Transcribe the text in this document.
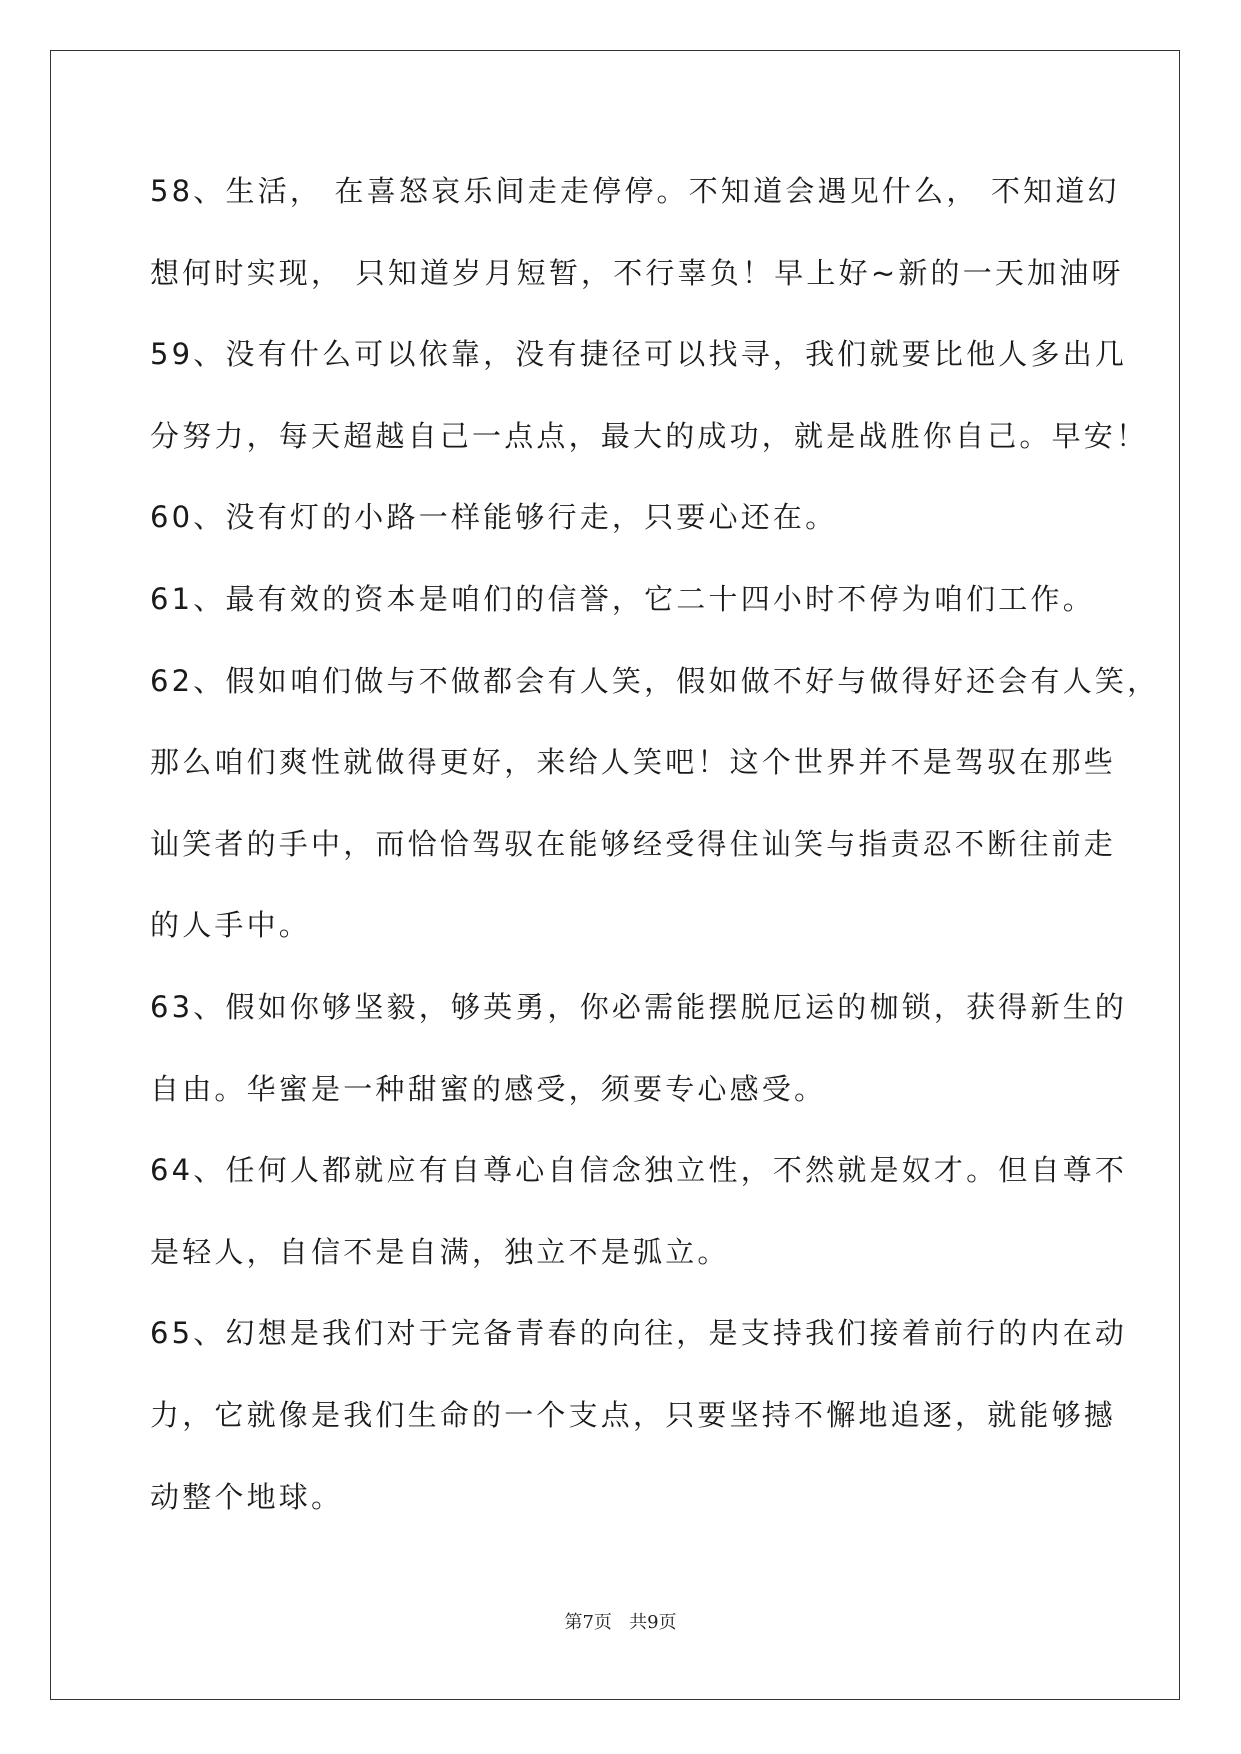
58、生活， 在喜怒哀乐间走走停停。不知道会遇见什么， 不知道幻
想何时实现， 只知道岁月短暂，不行辜负！早上好~新的一天加油呀
59、没有什么可以依靠，没有捷径可以找寻，我们就要比他人多出几
分努力，每天超越自己一点点，最大的成功，就是战胜你自己。早安！
60、没有灯的小路一样能够行走，只要心还在。
61、最有效的资本是咱们的信誉，它二十四小时不停为咱们工作。
62、假如咱们做与不做都会有人笑，假如做不好与做得好还会有人笑，
那么咱们爽性就做得更好，来给人笑吧！这个世界并不是驾驭在那些
讪笑者的手中，而恰恰驾驭在能够经受得住讪笑与指责忍不断往前走
的人手中。
63、假如你够坚毅，够英勇，你必需能摆脱厄运的枷锁，获得新生的
自由。华蜜是一种甜蜜的感受，须要专心感受。
64、任何人都就应有自尊心自信念独立性，不然就是奴才。但自尊不
是轻人，自信不是自满，独立不是弧立。
65、幻想是我们对于完备青春的向往，是支持我们接着前行的内在动
力，它就像是我们生命的一个支点，只要坚持不懈地追逐，就能够撼
动整个地球。
第7页 共9页
